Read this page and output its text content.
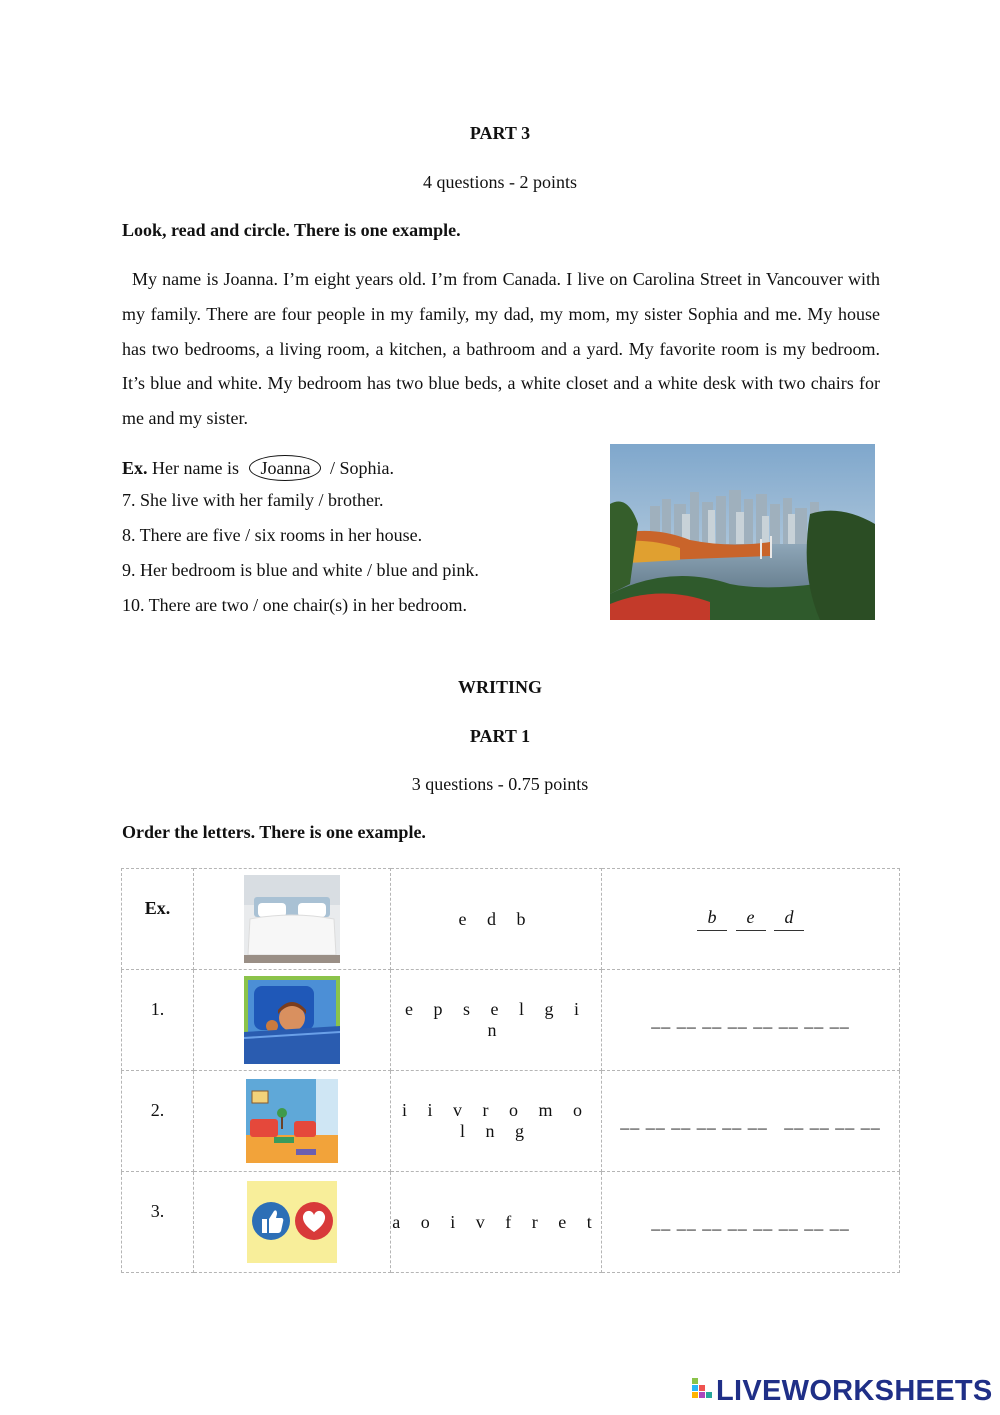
PART 3
4 questions - 2 points
Look, read and circle. There is one example.
My name is Joanna. I’m eight years old. I’m from Canada. I live on Carolina Street in Vancouver with my family. There are four people in my family, my dad, my mom, my sister Sophia and me. My house has two bedrooms, a living room, a kitchen, a bathroom and a yard. My favorite room is my bedroom. It’s blue and white. My bedroom has two blue beds, a white closet and a white desk with two chairs for me and my sister.
Ex. Her name is Joanna / Sophia.
7. She live with her family / brother.
8. There are five / six rooms in her house.
9. Her bedroom is blue and white / blue and pink.
10. There are two / one chair(s) in her bedroom.
WRITING
PART 1
3 questions - 0.75 points
Order the letters. There is one example.
Ex.		e d b	b e d

1.		e p s e l g i n	__ __ __ __ __ __ __ __

2.		i i v r o m o l n g	__ __ __ __ __ __   __ __ __ __

3.		a o i v f r e t	__ __ __ __ __ __ __ __
LIVEWORKSHEETS
